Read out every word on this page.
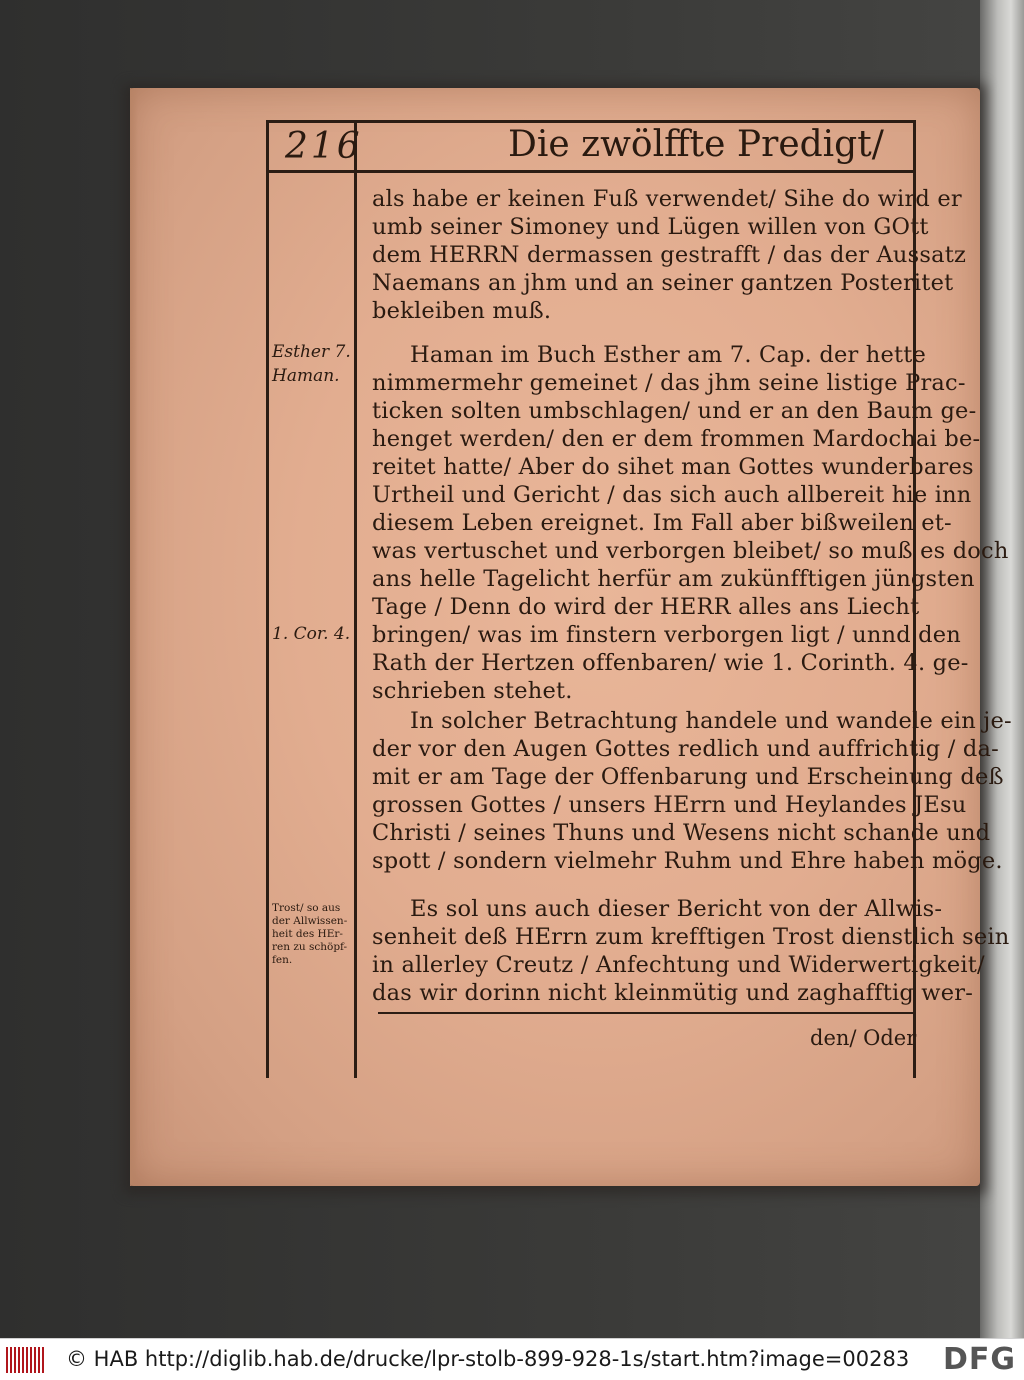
216	Die zwölffte Predigt/
als habe er keinen Fuß verwendet/ Sihe do wird er
umb seiner Simoney und Lügen willen von GOtt
dem HERRN dermassen gestrafft / das der Aussatz
Naemans an jhm und an seiner gantzen Posteritet
bekleiben muß.
Haman im Buch Esther am 7. Cap. der hette
nimmermehr gemeinet / das jhm seine listige Prac-
ticken solten umbschlagen/ und er an den Baum ge-
henget werden/ den er dem frommen Mardochai be-
reitet hatte/ Aber do sihet man Gottes wunderbares
Urtheil und Gericht / das sich auch allbereit hie inn
diesem Leben ereignet. Im Fall aber bißweilen et-
was vertuschet und verborgen bleibet/ so muß es doch
ans helle Tagelicht herfür am zukünfftigen jüngsten
Tage / Denn do wird der HERR alles ans Liecht
bringen/ was im finstern verborgen ligt / unnd den
Rath der Hertzen offenbaren/ wie 1. Corinth. 4. ge-
schrieben stehet.
In solcher Betrachtung handele und wandele ein je-
der vor den Augen Gottes redlich und auffrichtig / da-
mit er am Tage der Offenbarung und Erscheinung deß
grossen Gottes / unsers HErrn und Heylandes JEsu
Christi / seines Thuns und Wesens nicht schande und
spott / sondern vielmehr Ruhm und Ehre haben möge.
Es sol uns auch dieser Bericht von der Allwis-
senheit deß HErrn zum krefftigen Trost dienstlich sein
in allerley Creutz / Anfechtung und Widerwertigkeit/
das wir dorinn nicht kleinmütig und zaghafftig wer-
den/ Oder
Esther 7.
Haman.
1. Cor. 4.
Trost/ so aus
der Allwissen-
heit des HEr-
ren zu schöpf-
fen.
© HAB http://diglib.hab.de/drucke/lpr-stolb-899-928-1s/start.htm?image=00283 DFG
